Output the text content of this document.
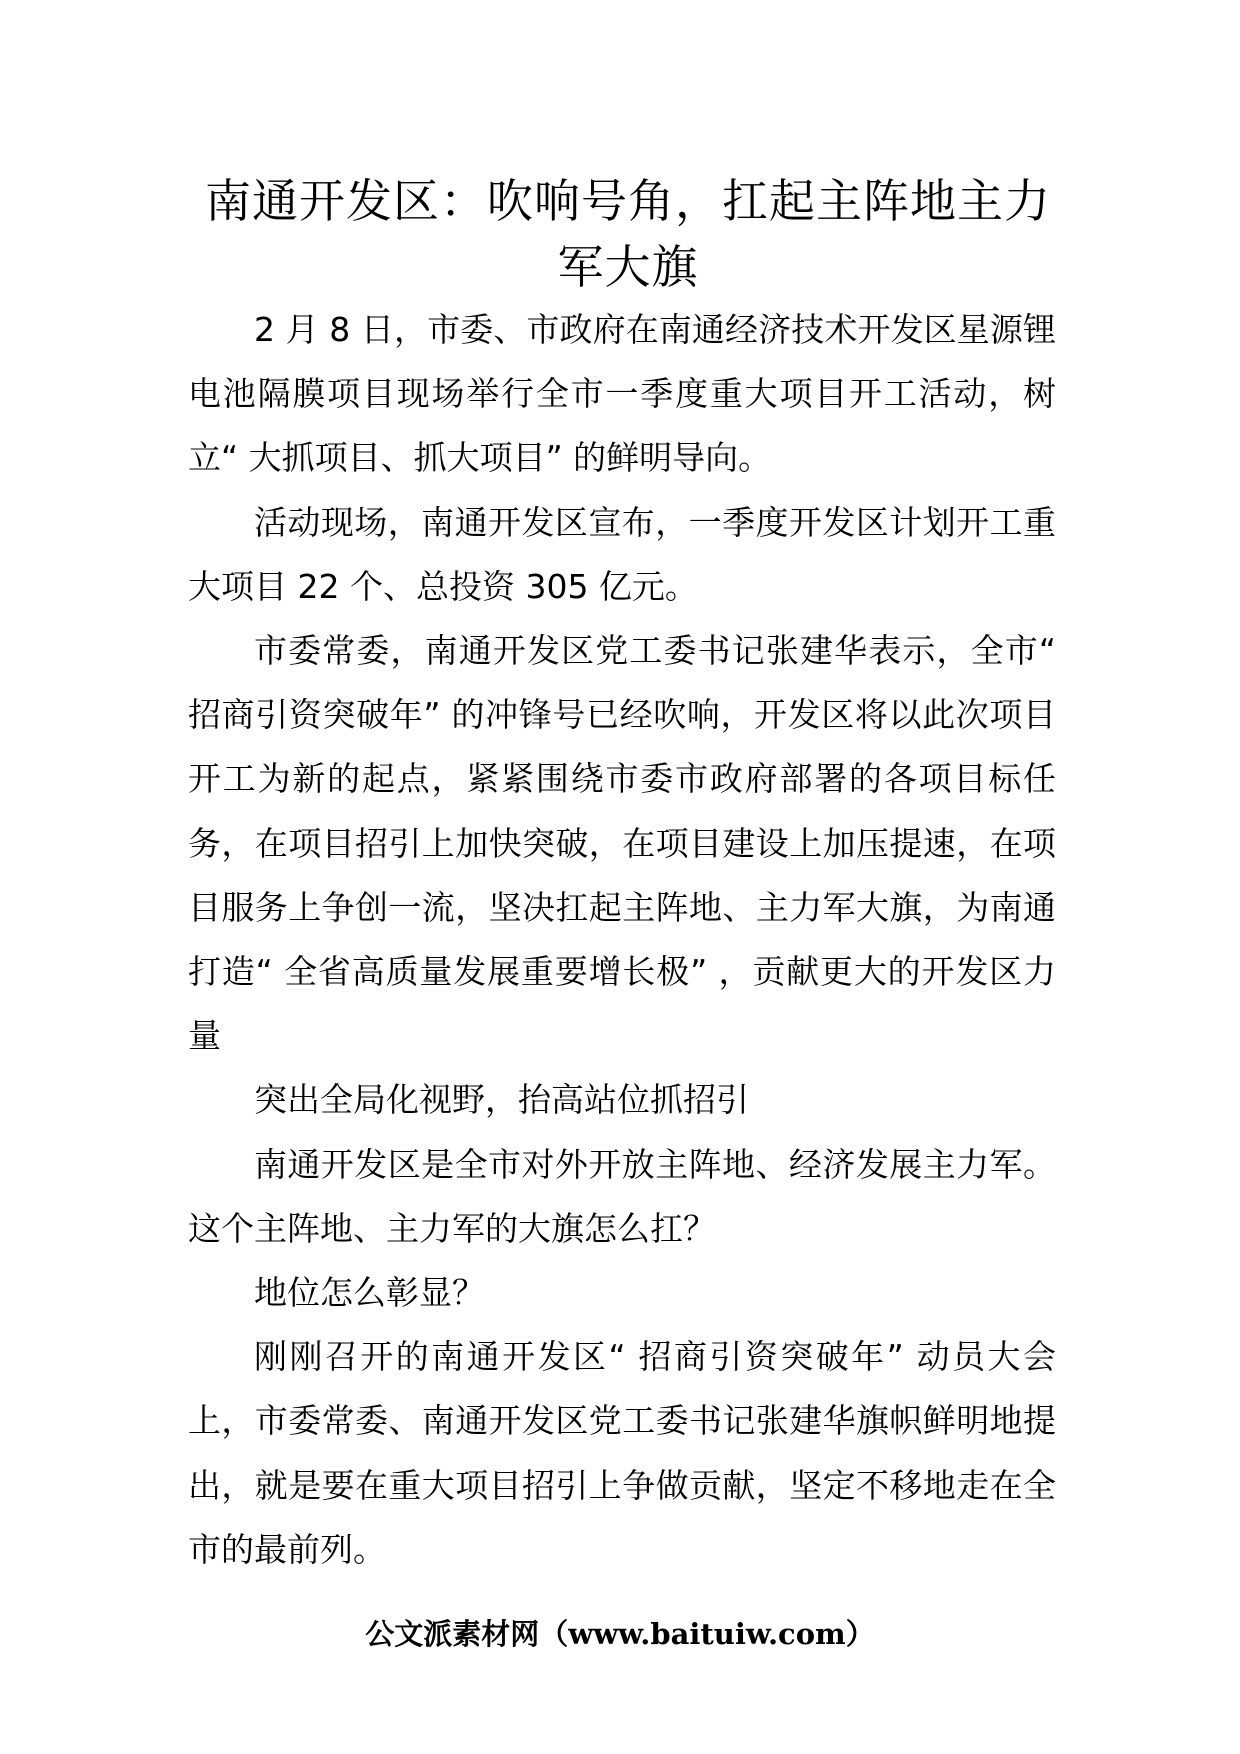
南通开发区：吹响号角，扛起主阵地主力军大旗

2 月 8 日，市委、市政府在南通经济技术开发区星源锂电池隔膜项目现场举行全市一季度重大项目开工活动，树立“ 大抓项目、抓大项目” 的鲜明导向。

活动现场，南通开发区宣布，一季度开发区计划开工重大项目 22 个、总投资 305 亿元。

市委常委，南通开发区党工委书记张建华表示，全市“ 招商引资突破年” 的冲锋号已经吹响，开发区将以此次项目开工为新的起点，紧紧围绕市委市政府部署的各项目标任务，在项目招引上加快突破，在项目建设上加压提速，在项目服务上争创一流，坚决扛起主阵地、主力军大旗，为南通打造“ 全省高质量发展重要增长极” ，贡献更大的开发区力量

突出全局化视野，抬高站位抓招引

南通开发区是全市对外开放主阵地、经济发展主力军。这个主阵地、主力军的大旗怎么扛？

地位怎么彰显？

刚刚召开的南通开发区“ 招商引资突破年” 动员大会上，市委常委、南通开发区党工委书记张建华旗帜鲜明地提出，就是要在重大项目招引上争做贡献，坚定不移地走在全市的最前列。

公文派素材网（www.baituiw.com）
